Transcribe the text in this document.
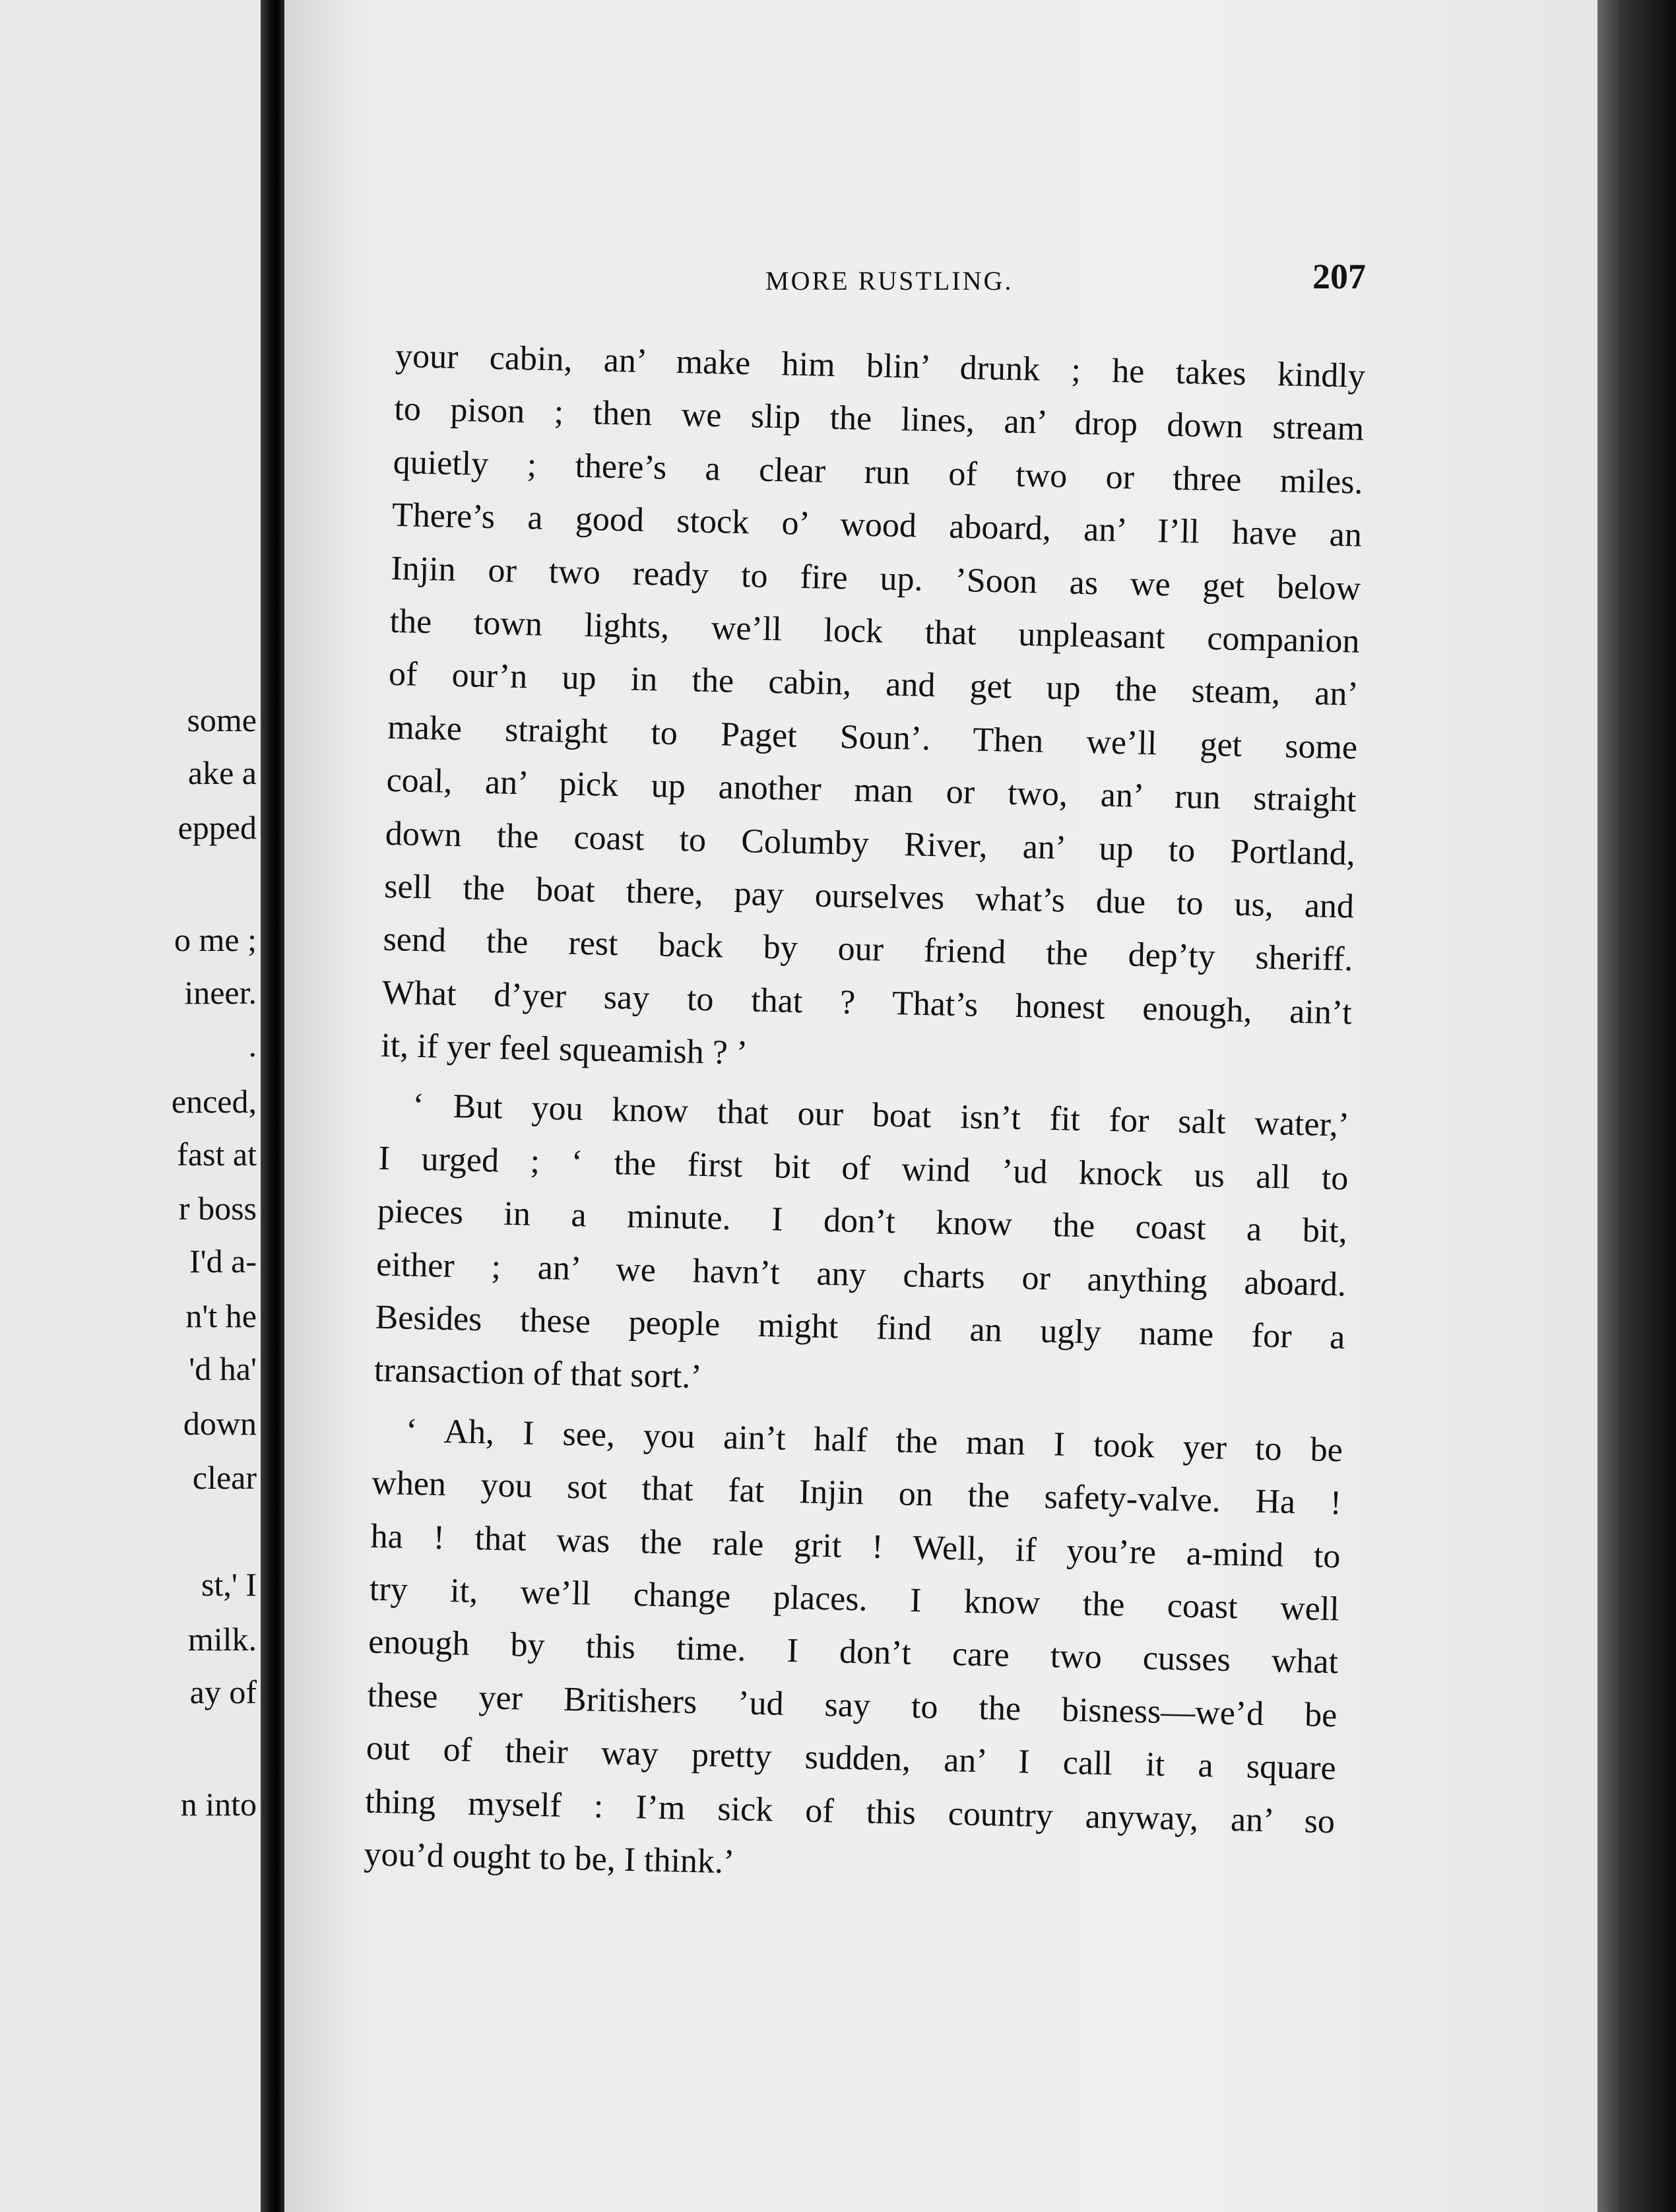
some

ake a

epped

o me ;

ineer.

.

enced,

fast at

r boss

I'd a-

n't he

'd ha'

down

clear

st,' I

milk.

ay of

n into

MORE RUSTLING.	207
your cabin, an’ make him blin’ drunk ; he takes kindly
to pison ; then we slip the lines, an’ drop down stream
quietly ; there’s a clear run of two or three miles.
There’s a good stock o’ wood aboard, an’ I’ll have an
Injin or two ready to fire up. ’Soon as we get below
the town lights, we’ll lock that unpleasant companion
of our’n up in the cabin, and get up the steam, an’
make straight to Paget Soun’. Then we’ll get some
coal, an’ pick up another man or two, an’ run straight
down the coast to Columby River, an’ up to Portland,
sell the boat there, pay ourselves what’s due to us, and
send the rest back by our friend the dep’ty sheriff.
What d’yer say to that ? That’s honest enough, ain’t
it, if yer feel squeamish ? ’
‘ But you know that our boat isn’t fit for salt water,’
I urged ; ‘ the first bit of wind ’ud knock us all to
pieces in a minute. I don’t know the coast a bit,
either ; an’ we havn’t any charts or anything aboard.
Besides these people might find an ugly name for a
transaction of that sort.’
‘ Ah, I see, you ain’t half the man I took yer to be
when you sot that fat Injin on the safety-valve. Ha !
ha ! that was the rale grit ! Well, if you’re a-mind to
try it, we’ll change places. I know the coast well
enough by this time. I don’t care two cusses what
these yer Britishers ’ud say to the bisness—we’d be
out of their way pretty sudden, an’ I call it a square
thing myself : I’m sick of this country anyway, an’ so
you’d ought to be, I think.’
